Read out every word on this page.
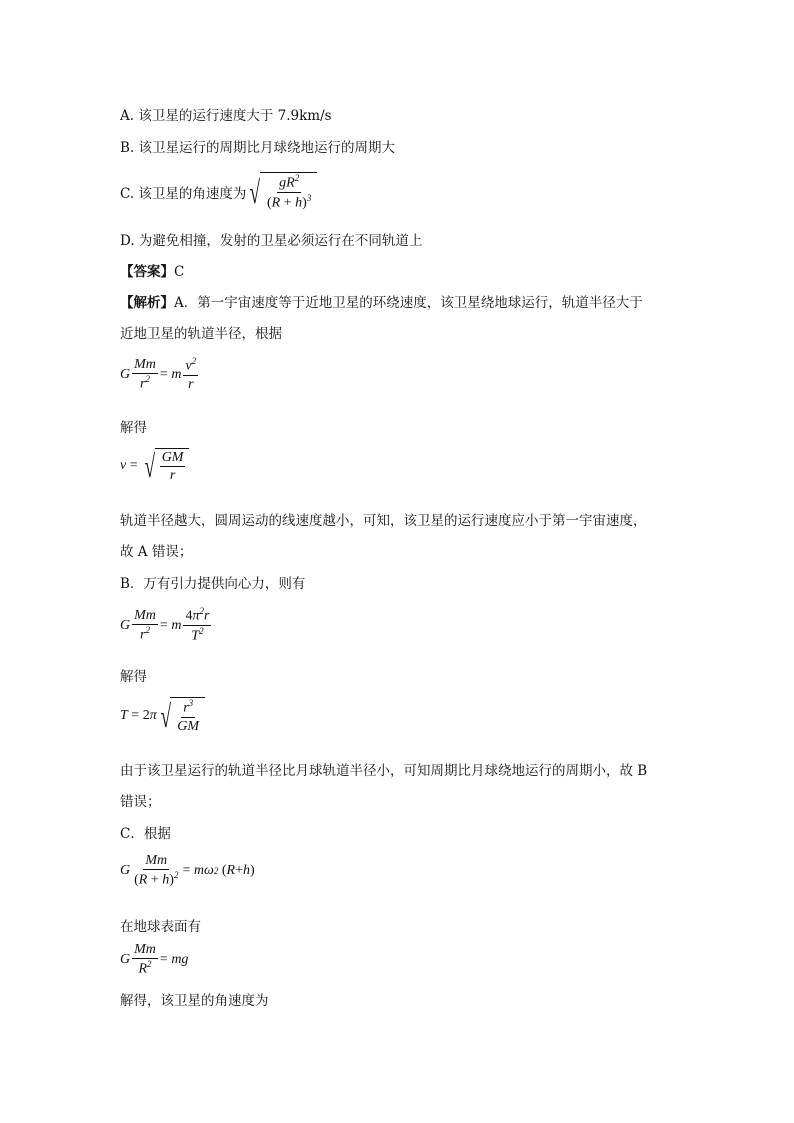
A. 该卫星的运行速度大于 7.9km/s
B. 该卫星运行的周期比月球绕地运行的周期大
C. 该卫星的角速度为 √ $\frac{gR^2}{(R + h)^3}$
D. 为避免相撞，发射的卫星必须运行在不同轨道上
【答案】C
【解析】A．第一宇宙速度等于近地卫星的环绕速度，该卫星绕地球运行，轨道半径大于
近地卫星的轨道半径，根据
G $\frac{Mm}{r^2} = m \frac{v^2}{r}$
解得
v =
√ $\frac{GM}{r}$
轨道半径越大，圆周运动的线速度越小，可知，该卫星的运行速度应小于第一宇宙速度，
故 A 错误；
B．万有引力提供向心力，则有
G $\frac{Mm}{r^2} = m \frac{4\pi^2r}{T^2}$
解得
T =
2 π √ $\frac{r^3}{GM}$
由于该卫星运行的轨道半径比月球轨道半径小，可知周期比月球绕地运行的周期小，故 B
错误；
C．根据
G $\frac{Mm}{(R + h)^2} = m\omega$ 2
( R + h )
在地球表面有
G $\frac{Mm}{R^2}$ = mg
解得，该卫星的角速度为
